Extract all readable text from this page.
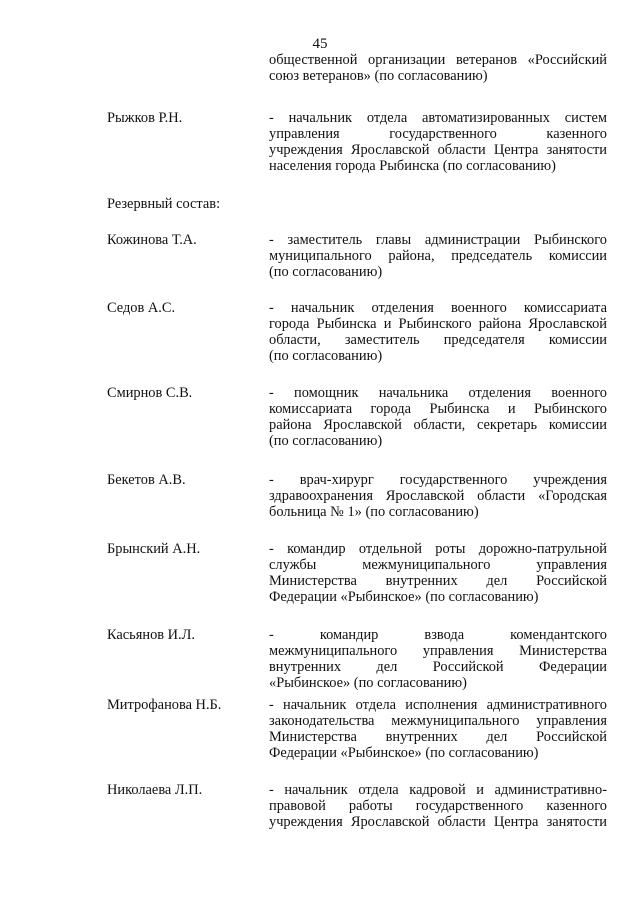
45
общественной организации ветеранов «Российский
союз ветеранов» (по согласованию)
Рыжков Р.Н.	- начальник отдела автоматизированных систем
управления государственного казенного
учреждения Ярославской области Центра занятости
населения города Рыбинска (по согласованию)
Резервный состав:
Кожинова Т.А.	- заместитель главы администрации Рыбинского
муниципального района, председатель комиссии
(по согласованию)
Седов А.С.	- начальник отделения военного комиссариата
города Рыбинска и Рыбинского района Ярославской
области, заместитель председателя комиссии
(по согласованию)
Смирнов С.В.	- помощник начальника отделения военного
комиссариата города Рыбинска и Рыбинского
района Ярославской области, секретарь комиссии
(по согласованию)
Бекетов А.В.	- врач-хирург государственного учреждения
здравоохранения Ярославской области «Городская
больница № 1» (по согласованию)
Брынский А.Н.	- командир отдельной роты дорожно-патрульной
службы межмуниципального управления
Министерства внутренних дел Российской
Федерации «Рыбинское» (по согласованию)
Касьянов И.Л.	- командир взвода комендантского
межмуниципального управления Министерства
внутренних дел Российской Федерации
«Рыбинское» (по согласованию)
Митрофанова Н.Б.	- начальник отдела исполнения административного
законодательства межмуниципального управления
Министерства внутренних дел Российской
Федерации «Рыбинское» (по согласованию)
Николаева Л.П.	- начальник отдела кадровой и административно-
правовой работы государственного казенного
учреждения Ярославской области Центра занятости
